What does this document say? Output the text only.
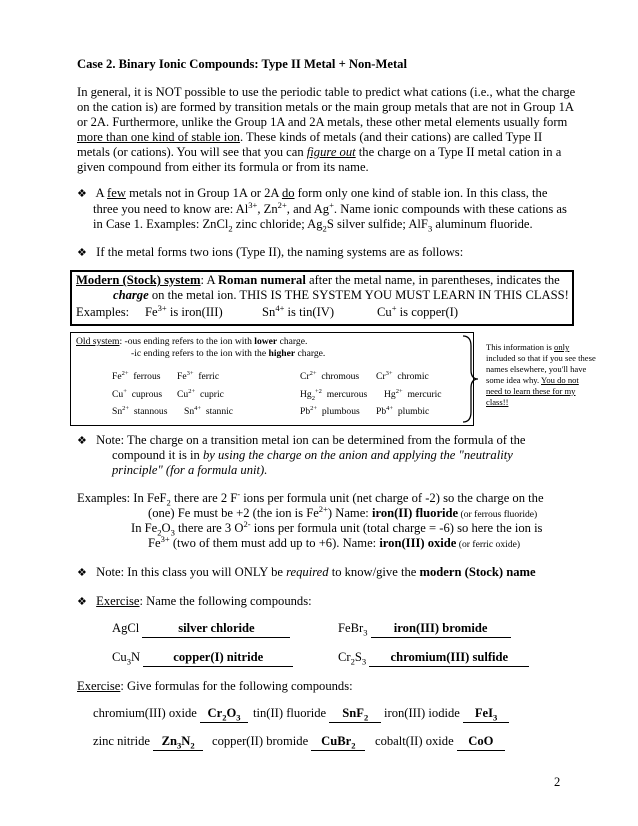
Case 2. Binary Ionic Compounds: Type II Metal + Non-Metal
In general, it is NOT possible to use the periodic table to predict what cations (i.e., what the charge
on the cation is) are formed by transition metals or the main group metals that are not in Group 1A
or 2A. Furthermore, unlike the Group 1A and 2A metals, these other metal elements usually form
more than one kind of stable ion. These kinds of metals (and their cations) are called Type II
metals (or cations). You will see that you can figure out the charge on a Type II metal cation in a
given compound from either its formula or from its name.
❖ A few metals not in Group 1A or 2A do form only one kind of stable ion. In this class, the
three you need to know are: $Al^{3+}$, $Zn^{2+}$, and Ag+. Name ionic compounds with these cations as
in Case 1. Examples: ZnCl$_2$ zinc chloride; $Ag_2S$ silver sulfide; AlF$_3$ aluminum fluoride.
❖ If the metal forms two ions (Type II), the naming systems are as follows:
Modern (Stock) system: A Roman numeral after the metal name, in parentheses, indicates the
charge on the metal ion. THIS IS THE SYSTEM YOU MUST LEARN IN THIS CLASS!
Examples: $Fe^{3+}$ is iron(III)	$Sn^{4+}$ is tin(IV)	Cu+ is copper(I)
Old system: -ous ending refers to the ion with lower charge.
-ic ending refers to the ion with the higher charge.
$Fe^{2+}$ ferrous $Fe^{3+}$ ferric	$Cr^{2+}$ chromous $Cr^{3+}$ chromic
Cu+ cuprous $Cu^{2+}$ cupric	$Hg_2^{+2}$ mercurous $Hg^{2+}$ mercuric
$Sn^{2+}$ stannous $Sn^{4+}$ stannic	$Pb^{2+}$ plumbous $Pb^{4+}$ plumbic
This information is only
included so that if you see these
names elsewhere, you'll have
some idea why. You do not
need to learn these for my
class!!
❖ Note: The charge on a transition metal ion can be determined from the formula of the
compound it is in by using the charge on the anion and applying the "neutrality
principle" (for a formula unit).
Examples: In FeF$_2$ there are 2 F- ions per formula unit (net charge of -2) so the charge on the
(one) Fe must be +2 (the ion is $Fe^{2+}$) Name: iron(II) fluoride (or ferrous fluoride)
In $Fe_2O_3$ there are 3 $O^{2-}$ ions per formula unit (total charge = -6) so here the ion is
$Fe^{3+}$ (two of them must add up to +6). Name: iron(III) oxide (or ferric oxide)
❖ Note: In this class you will ONLY be required to know/give the modern (Stock) name
❖ Exercise: Name the following compounds:
AgCl	silver chloride	FeBr$_3$ iron(III) bromide
$Cu_3N$	copper(I) nitride	$Cr_2S_3$ chromium(III) sulfide
Exercise: Give formulas for the following compounds:
chromium(III) oxide $Cr_2O_3$ tin(II) fluoride SnF$_2$	iron(III) iodide FeI$_3$
zinc nitride $Zn_3N_2$	copper(II) bromide CuBr$_2$	cobalt(II) oxide CoO
2
